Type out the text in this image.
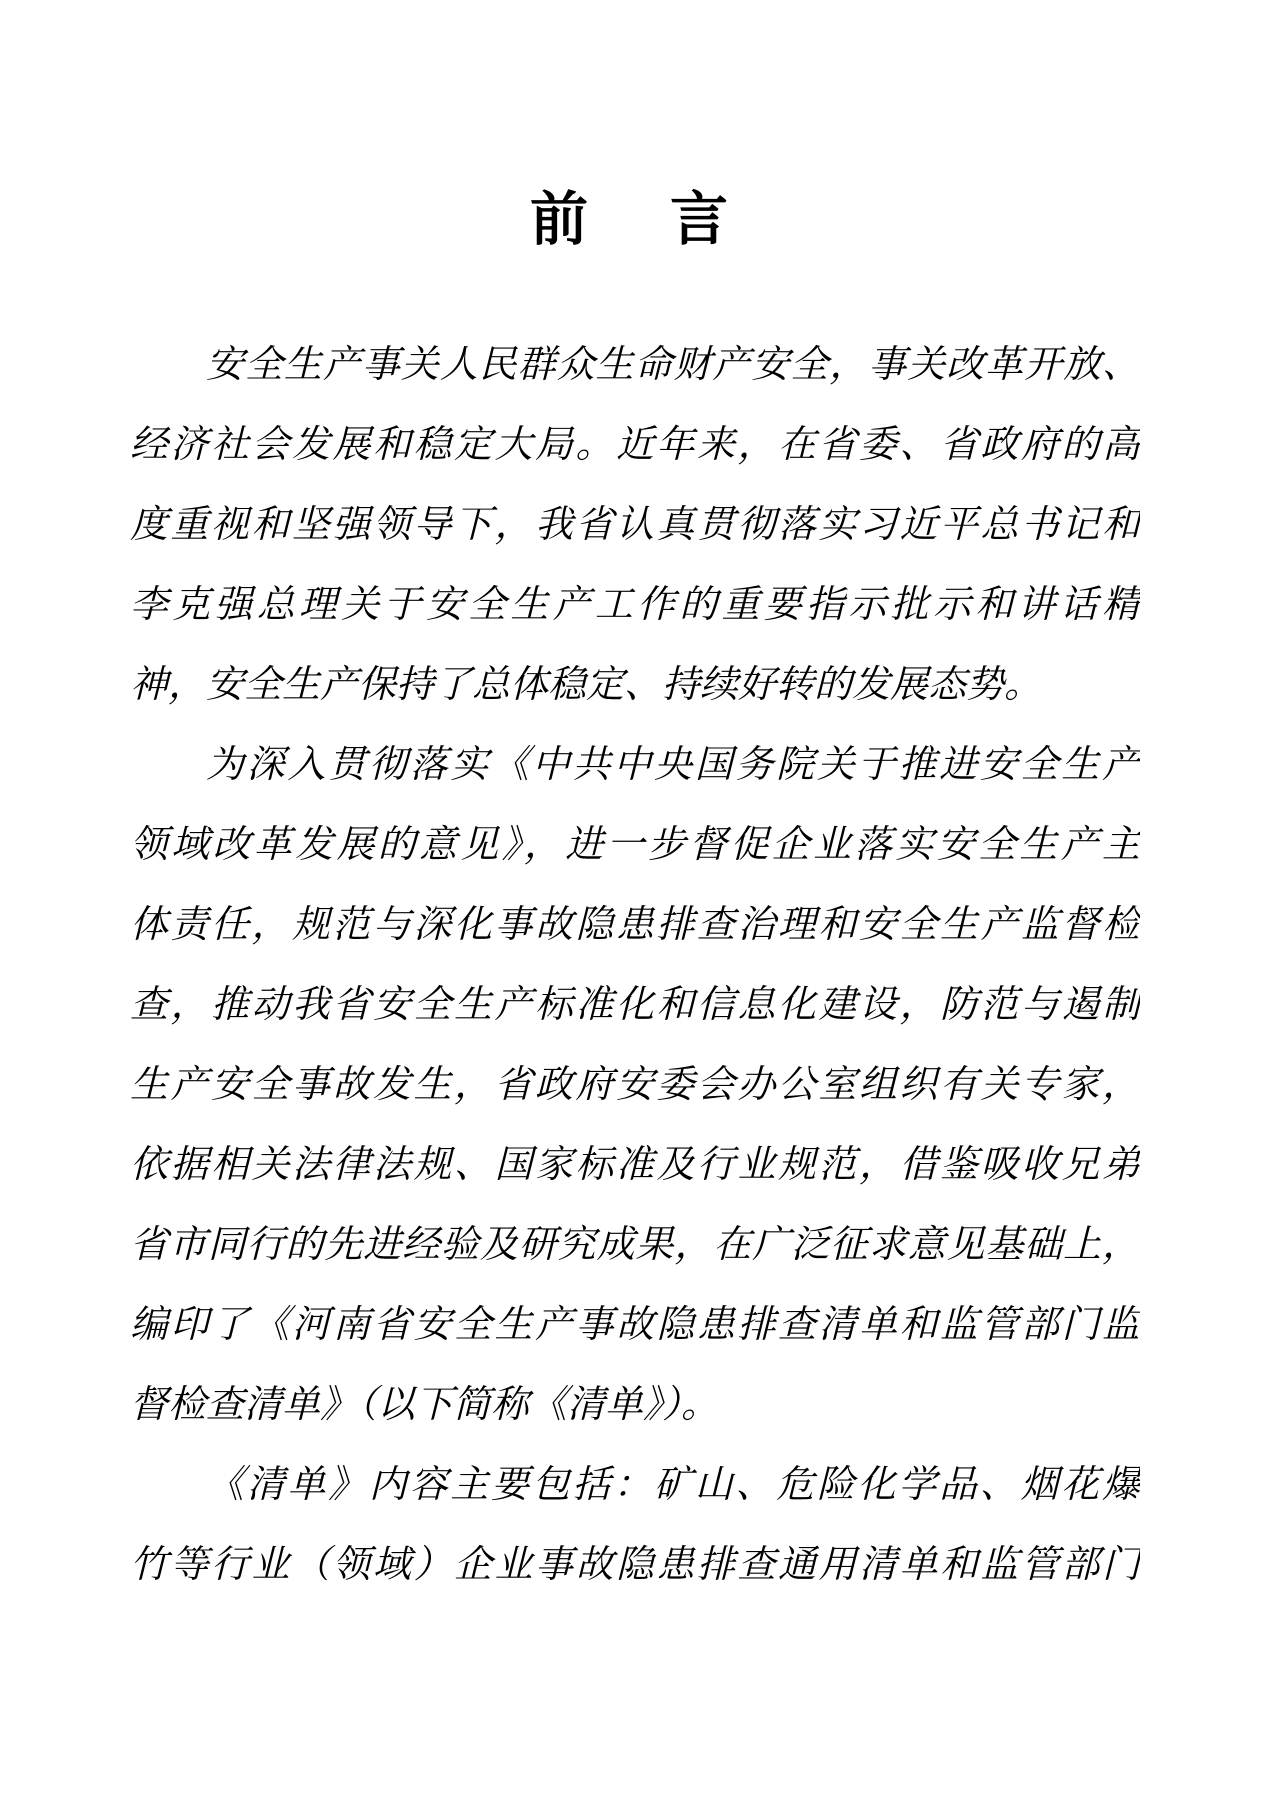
前　言
安全生产事关人民群众生命财产安全，事关改革开放、
经济社会发展和稳定大局。近年来，在省委、省政府的高
度重视和坚强领导下，我省认真贯彻落实习近平总书记和
李克强总理关于安全生产工作的重要指示批示和讲话精
神，安全生产保持了总体稳定、持续好转的发展态势。
为深入贯彻落实《中共中央国务院关于推进安全生产
领域改革发展的意见》，进一步督促企业落实安全生产主
体责任，规范与深化事故隐患排查治理和安全生产监督检
查，推动我省安全生产标准化和信息化建设，防范与遏制
生产安全事故发生，省政府安委会办公室组织有关专家，
依据相关法律法规、国家标准及行业规范，借鉴吸收兄弟
省市同行的先进经验及研究成果，在广泛征求意见基础上，
编印了《河南省安全生产事故隐患排查清单和监管部门监
督检查清单》（以下简称《清单》）。
《清单》内容主要包括：矿山、危险化学品、烟花爆
竹等行业（领域）企业事故隐患排查通用清单和监管部门
